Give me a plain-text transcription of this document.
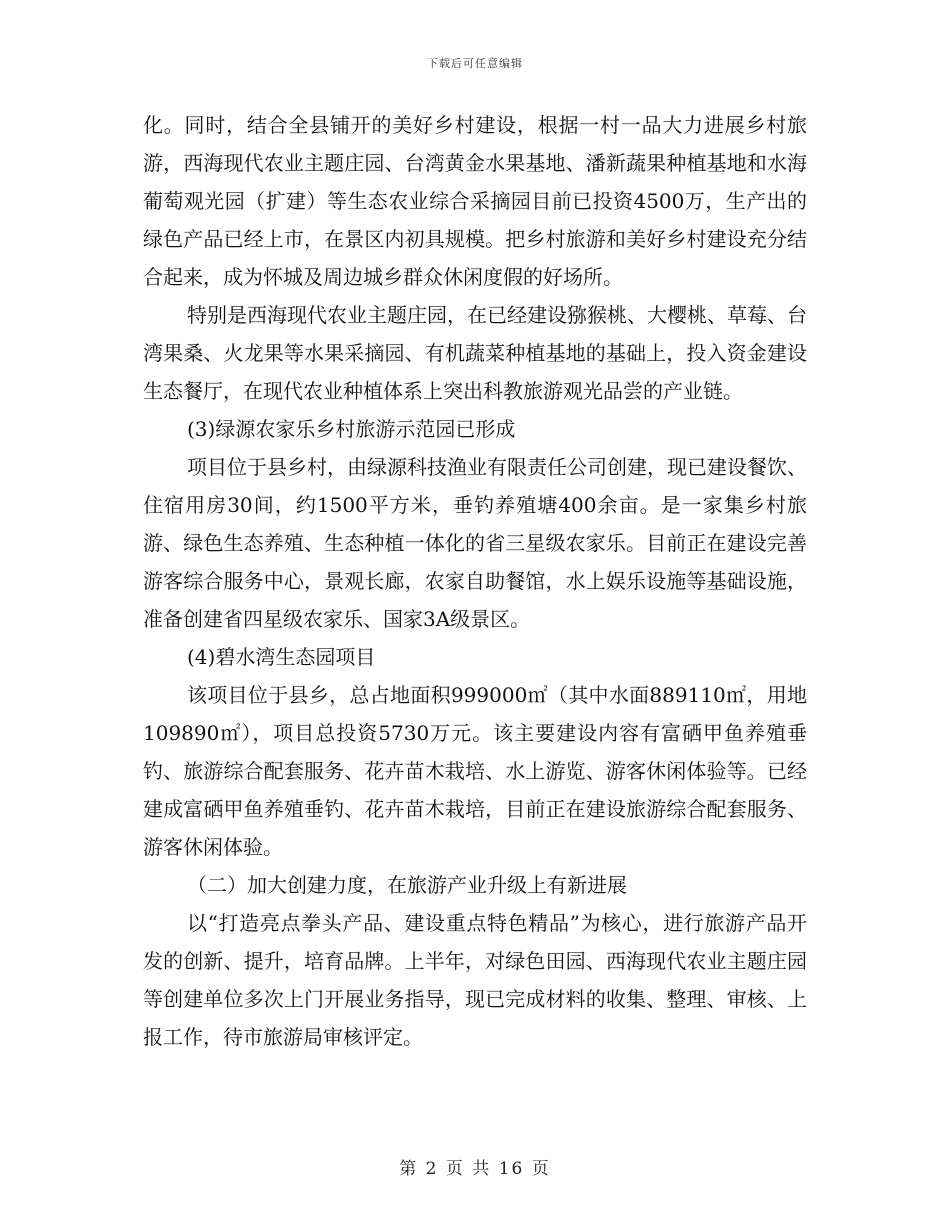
下载后可任意编辑

化。同时，结合全县铺开的美好乡村建设，根据一村一品大力进展乡村旅游，西海现代农业主题庄园、台湾黄金水果基地、潘新蔬果种植基地和水海葡萄观光园（扩建）等生态农业综合采摘园目前已投资4500万，生产出的绿色产品已经上市，在景区内初具规模。把乡村旅游和美好乡村建设充分结合起来，成为怀城及周边城乡群众休闲度假的好场所。

特别是西海现代农业主题庄园，在已经建设猕猴桃、大樱桃、草莓、台湾果桑、火龙果等水果采摘园、有机蔬菜种植基地的基础上，投入资金建设生态餐厅，在现代农业种植体系上突出科教旅游观光品尝的产业链。

(3)绿源农家乐乡村旅游示范园已形成

项目位于县乡村，由绿源科技渔业有限责任公司创建，现已建设餐饮、住宿用房30间，约1500平方米，垂钓养殖塘400余亩。是一家集乡村旅游、绿色生态养殖、生态种植一体化的省三星级农家乐。目前正在建设完善游客综合服务中心，景观长廊，农家自助餐馆，水上娱乐设施等基础设施，准备创建省四星级农家乐、国家3A级景区。

(4)碧水湾生态园项目

该项目位于县乡，总占地面积999000㎡（其中水面889110㎡，用地109890㎡），项目总投资5730万元。该主要建设内容有富硒甲鱼养殖垂钓、旅游综合配套服务、花卉苗木栽培、水上游览、游客休闲体验等。已经建成富硒甲鱼养殖垂钓、花卉苗木栽培，目前正在建设旅游综合配套服务、游客休闲体验。

（二）加大创建力度，在旅游产业升级上有新进展

以“打造亮点拳头产品、建设重点特色精品”为核心，进行旅游产品开发的创新、提升，培育品牌。上半年，对绿色田园、西海现代农业主题庄园等创建单位多次上门开展业务指导，现已完成材料的收集、整理、审核、上报工作，待市旅游局审核评定。

第 2 页 共 16 页
